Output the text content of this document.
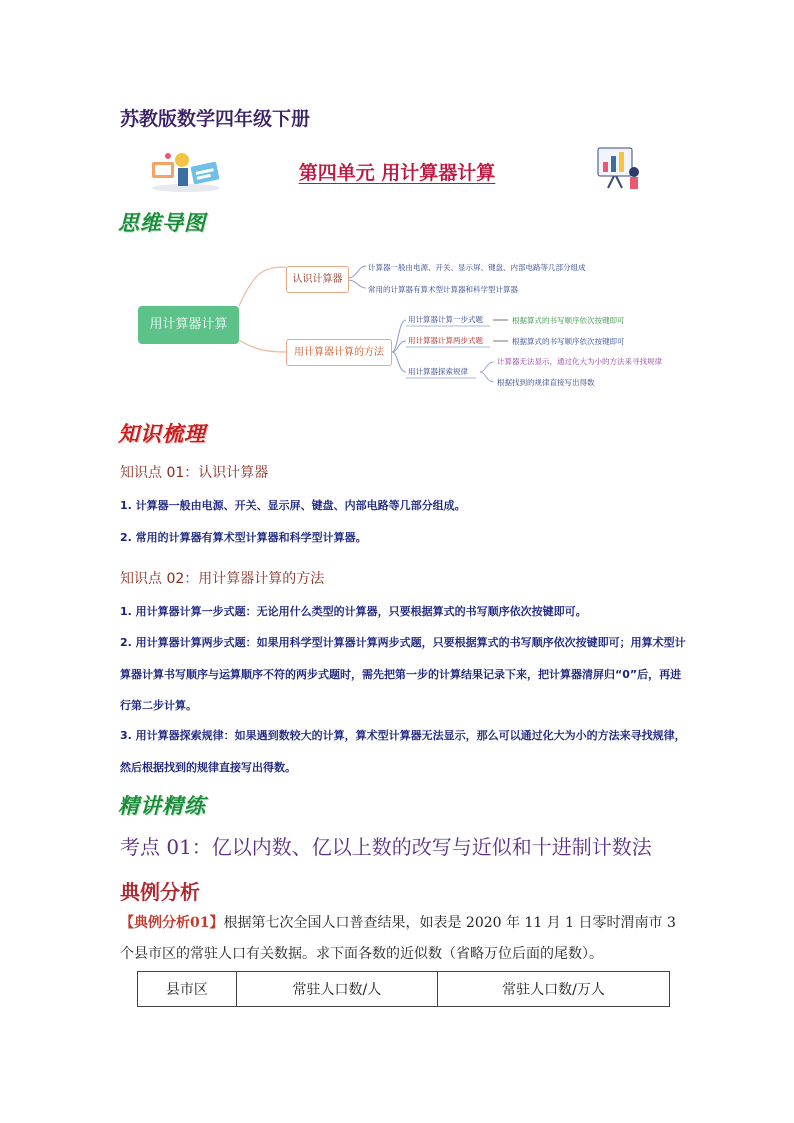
苏教版数学四年级下册
第四单元 用计算器计算
思维导图
用计算器计算
认识计算器
计算器一般由电源、开关、显示屏、键盘、内部电路等几部分组成
常用的计算器有算术型计算器和科学型计算器
用计算器计算的方法
用计算器计算一步式题	根据算式的书写顺序依次按键即可
用计算器计算两步式题	根据算式的书写顺序依次按键即可
用计算器探索规律
计算器无法显示，通过化大为小的方法来寻找规律
根据找到的规律直接写出得数
知识梳理
知识点 01：认识计算器
1. 计算器一般由电源、开关、显示屏、键盘、内部电路等几部分组成。
2. 常用的计算器有算术型计算器和科学型计算器。
知识点 02：用计算器计算的方法
1. 用计算器计算一步式题：无论用什么类型的计算器，只要根据算式的书写顺序依次按键即可。
2. 用计算器计算两步式题：如果用科学型计算器计算两步式题，只要根据算式的书写顺序依次按键即可；用算术型计算器计算书写顺序与运算顺序不符的两步式题时，需先把第一步的计算结果记录下来，把计算器清屏归“0”后，再进行第二步计算。
3. 用计算器探索规律：如果遇到数较大的计算，算术型计算器无法显示，那么可以通过化大为小的方法来寻找规律，然后根据找到的规律直接写出得数。
精讲精练
考点 01：亿以内数、亿以上数的改写与近似和十进制计数法
典例分析
【典例分析01】根据第七次全国人口普查结果，如表是 2020 年 11 月 1 日零时渭南市 3 个县市区的常驻人口有关数据。求下面各数的近似数（省略万位后面的尾数）。
县市区	常驻人口数/人	常驻人口数/万人
